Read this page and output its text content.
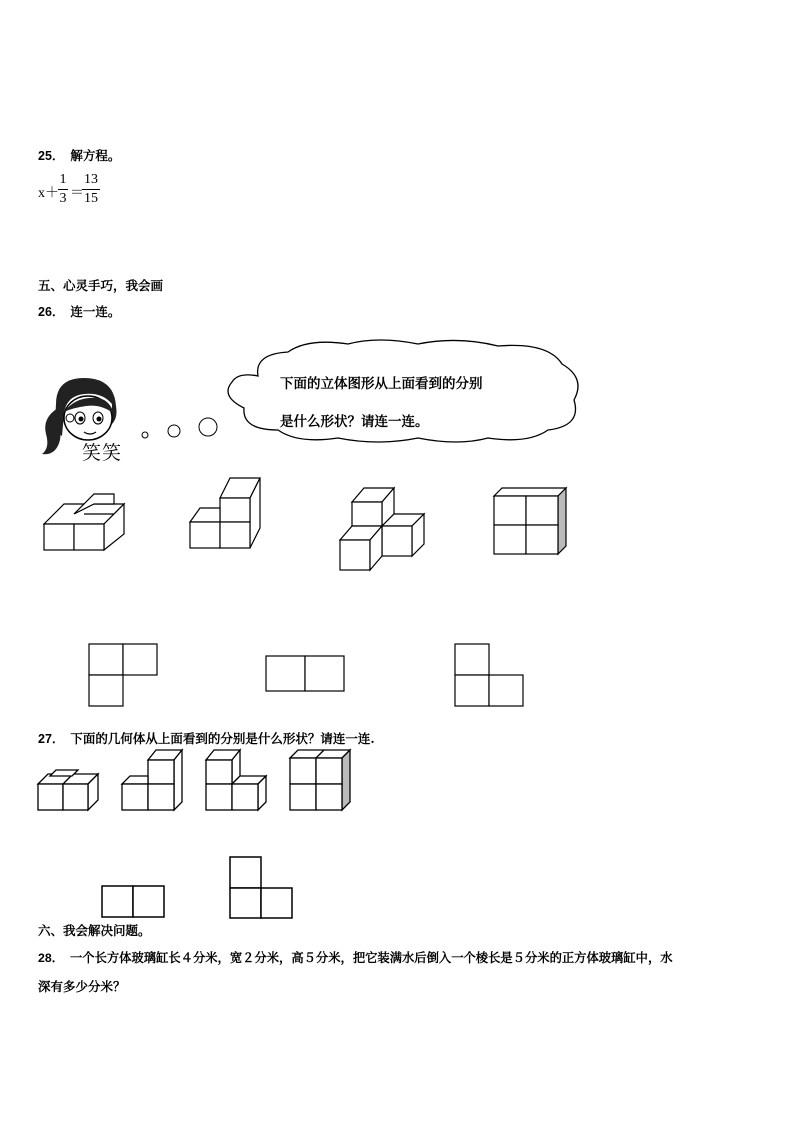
25． 解方程。
x＋
1
3 ＝
13
15
五、心灵手巧，我会画
26． 连一连。
笑笑
下面的立体图形从上面看到的分别
是什么形状？请连一连。
27． 下面的几何体从上面看到的分别是什么形状？请连一连.
六、我会解决问题。
28． 一个长方体玻璃缸长４分米，宽２分米，高５分米，把它装满水后倒入一个棱长是５分米的正方体玻璃缸中，水
深有多少分米？
